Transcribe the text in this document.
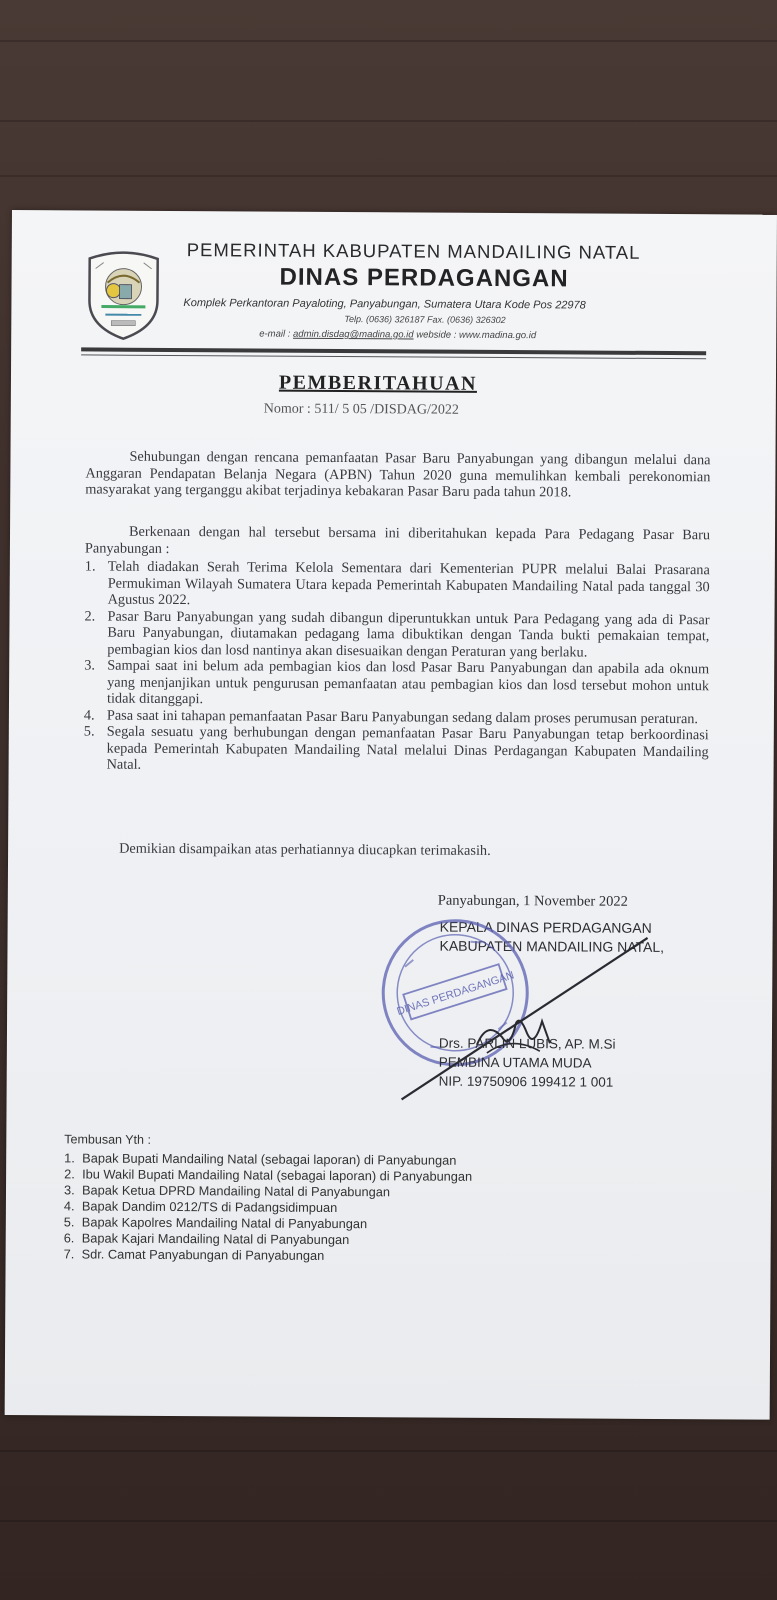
PEMERINTAH KABUPATEN MANDAILING NATAL
DINAS PERDAGANGAN
Komplek Perkantoran Payaloting, Panyabungan, Sumatera Utara Kode Pos 22978
Telp. (0636) 326187 Fax. (0636) 326302
e-mail : admin.disdag@madina.go.id webside : www.madina.go.id
PEMBERITAHUAN
Nomor : 511/ 5 05 /DISDAG/2022
Sehubungan dengan rencana pemanfaatan Pasar Baru Panyabungan yang dibangun melalui dana Anggaran Pendapatan Belanja Negara (APBN) Tahun 2020 guna memulihkan kembali perekonomian masyarakat yang terganggu akibat terjadinya kebakaran Pasar Baru pada tahun 2018.
Berkenaan dengan hal tersebut bersama ini diberitahukan kepada Para Pedagang Pasar Baru Panyabungan :
1. Telah diadakan Serah Terima Kelola Sementara dari Kementerian PUPR melalui Balai Prasarana Permukiman Wilayah Sumatera Utara kepada Pemerintah Kabupaten Mandailing Natal pada tanggal 30 Agustus 2022.
2. Pasar Baru Panyabungan yang sudah dibangun diperuntukkan untuk Para Pedagang yang ada di Pasar Baru Panyabungan, diutamakan pedagang lama dibuktikan dengan Tanda bukti pemakaian tempat, pembagian kios dan losd nantinya akan disesuaikan dengan Peraturan yang berlaku.
3. Sampai saat ini belum ada pembagian kios dan losd Pasar Baru Panyabungan dan apabila ada oknum yang menjanjikan untuk pengurusan pemanfaatan atau pembagian kios dan losd tersebut mohon untuk tidak ditanggapi.
4. Pasa saat ini tahapan pemanfaatan Pasar Baru Panyabungan sedang dalam proses perumusan peraturan.
5. Segala sesuatu yang berhubungan dengan pemanfaatan Pasar Baru Panyabungan tetap berkoordinasi kepada Pemerintah Kabupaten Mandailing Natal melalui Dinas Perdagangan Kabupaten Mandailing Natal.
Demikian disampaikan atas perhatiannya diucapkan terimakasih.
Panyabungan, 1 November 2022
KEPALA DINAS PERDAGANGAN
KABUPATEN MANDAILING NATAL,
DINAS PERDAGANGAN
Drs. PARLIN LUBIS, AP. M.Si
PEMBINA UTAMA MUDA
NIP. 19750906 199412 1 001
Tembusan Yth :
1. Bapak Bupati Mandailing Natal (sebagai laporan) di Panyabungan
2. Ibu Wakil Bupati Mandailing Natal (sebagai laporan) di Panyabungan
3. Bapak Ketua DPRD Mandailing Natal di Panyabungan
4. Bapak Dandim 0212/TS di Padangsidimpuan
5. Bapak Kapolres Mandailing Natal di Panyabungan
6. Bapak Kajari Mandailing Natal di Panyabungan
7. Sdr. Camat Panyabungan di Panyabungan
